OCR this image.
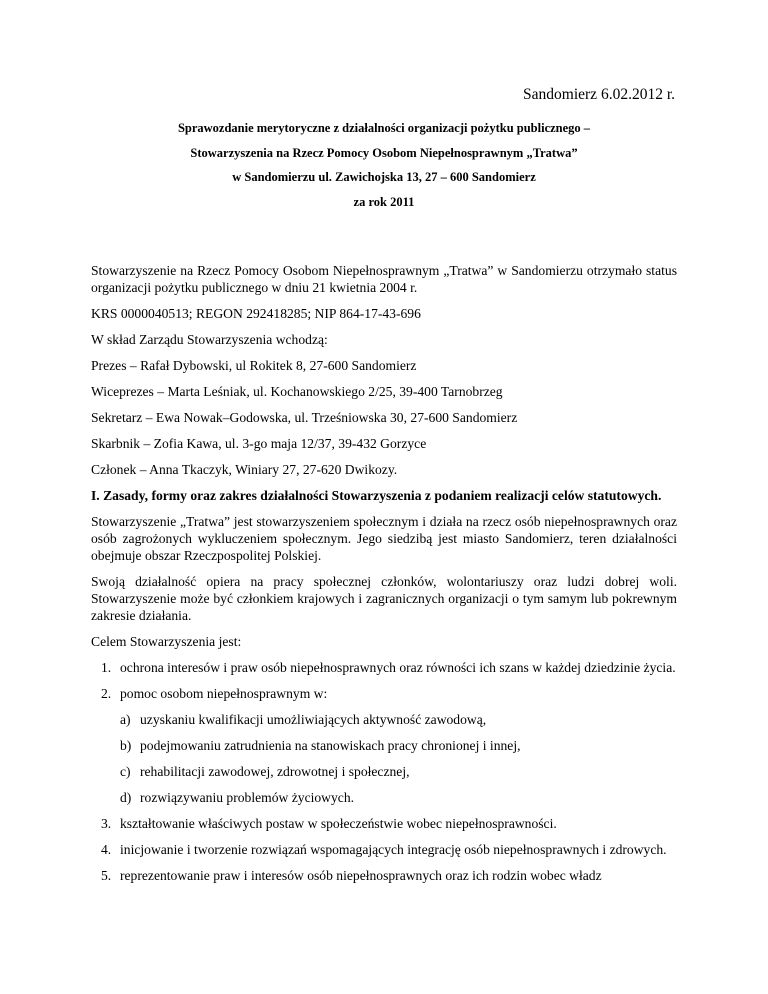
Sandomierz 6.02.2012 r.
Sprawozdanie merytoryczne z działalności organizacji pożytku publicznego –
Stowarzyszenia na Rzecz Pomocy Osobom Niepełnosprawnym „Tratwa”
w Sandomierzu ul. Zawichojska 13, 27 – 600 Sandomierz
za rok 2011

Stowarzyszenie na Rzecz Pomocy Osobom Niepełnosprawnym „Tratwa” w Sandomierzu otrzymało status organizacji pożytku publicznego w dniu 21 kwietnia 2004 r.

KRS 0000040513; REGON 292418285; NIP 864-17-43-696

W skład Zarządu Stowarzyszenia wchodzą:

Prezes – Rafał Dybowski, ul Rokitek 8, 27-600 Sandomierz

Wiceprezes – Marta Leśniak, ul. Kochanowskiego 2/25, 39-400 Tarnobrzeg

Sekretarz – Ewa Nowak–Godowska, ul. Trześniowska 30, 27-600 Sandomierz

Skarbnik – Zofia Kawa, ul. 3-go maja 12/37, 39-432 Gorzyce

Członek – Anna Tkaczyk, Winiary 27, 27-620 Dwikozy.

I. Zasady, formy oraz zakres działalności Stowarzyszenia z podaniem realizacji celów statutowych.

Stowarzyszenie „Tratwa” jest stowarzyszeniem społecznym i działa na rzecz osób niepełnosprawnych oraz osób zagrożonych wykluczeniem społecznym. Jego siedzibą jest miasto Sandomierz, teren działalności obejmuje obszar Rzeczpospolitej Polskiej.

Swoją działalność opiera na pracy społecznej członków, wolontariuszy oraz ludzi dobrej woli. Stowarzyszenie może być członkiem krajowych i zagranicznych organizacji o tym samym lub pokrewnym zakresie działania.

Celem Stowarzyszenia jest:

1. ochrona interesów i praw osób niepełnosprawnych oraz równości ich szans w każdej dziedzinie życia.
2. pomoc osobom niepełnosprawnym w:
a) uzyskaniu kwalifikacji umożliwiających aktywność zawodową,
b) podejmowaniu zatrudnienia na stanowiskach pracy chronionej i innej,
c) rehabilitacji zawodowej, zdrowotnej i społecznej,
d) rozwiązywaniu problemów życiowych.
3. kształtowanie właściwych postaw w społeczeństwie wobec niepełnosprawności.
4. inicjowanie i tworzenie rozwiązań wspomagających integrację osób niepełnosprawnych i zdrowych.
5. reprezentowanie praw i interesów osób niepełnosprawnych oraz ich rodzin wobec władz
